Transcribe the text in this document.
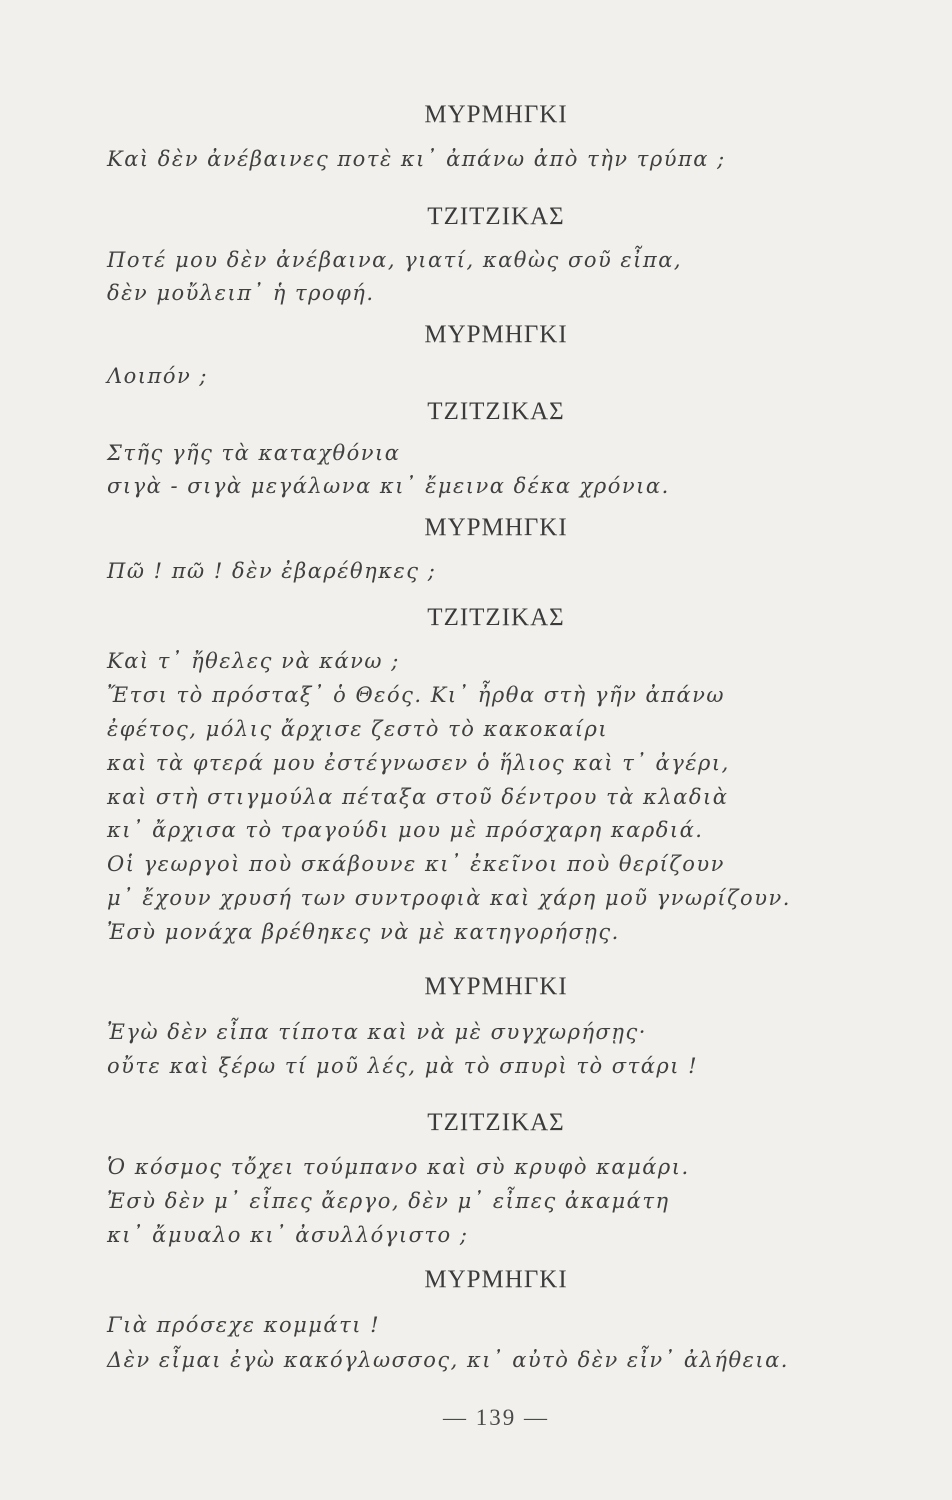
ΜΥΡΜΗΓΚΙ
Καὶ δὲν ἀνέβαινες ποτὲ κι᾿ ἀπάνω ἀπὸ τὴν τρύπα ;
ΤΖΙΤΖΙΚΑΣ
Ποτέ μου δὲν ἀνέβαινα, γιατί, καθὼς σοῦ εἶπα,
δὲν μοὔλειπ᾿ ἡ τροφή.
ΜΥΡΜΗΓΚΙ
Λοιπόν ;
ΤΖΙΤΖΙΚΑΣ
Στῆς γῆς τὰ καταχθόνια
σιγὰ - σιγὰ μεγάλωνα κι᾿ ἔμεινα δέκα χρόνια.
ΜΥΡΜΗΓΚΙ
Πῶ ! πῶ ! δὲν ἐβαρέθηκες ;
ΤΖΙΤΖΙΚΑΣ
Καὶ τ᾿ ἤθελες νὰ κάνω ;
Ἔτσι τὸ πρόσταξ᾿ ὁ Θεός. Κι᾿ ἦρθα στὴ γῆν ἀπάνω
ἐφέτος, μόλις ἄρχισε ζεστὸ τὸ κακοκαίρι
καὶ τὰ φτερά μου ἐστέγνωσεν ὁ ἥλιος καὶ τ᾿ ἀγέρι,
καὶ στὴ στιγμούλα πέταξα στοῦ δέντρου τὰ κλαδιὰ
κι᾿ ἄρχισα τὸ τραγούδι μου μὲ πρόσχαρη καρδιά.
Οἱ γεωργοὶ ποὺ σκάβουνε κι᾿ ἐκεῖνοι ποὺ θερίζουν
μ᾿ ἔχουν χρυσή των συντροφιὰ καὶ χάρη μοῦ γνωρίζουν.
Ἐσὺ μονάχα βρέθηκες νὰ μὲ κατηγορήσῃς.
ΜΥΡΜΗΓΚΙ
Ἐγὼ δὲν εἶπα τίποτα καὶ νὰ μὲ συγχωρήσῃς·
οὔτε καὶ ξέρω τί μοῦ λές, μὰ τὸ σπυρὶ τὸ στάρι !
ΤΖΙΤΖΙΚΑΣ
Ὁ κόσμος τὄχει τούμπανο καὶ σὺ κρυφὸ καμάρι.
Ἐσὺ δὲν μ᾿ εἶπες ἄεργο, δὲν μ᾿ εἶπες ἀκαμάτη
κι᾿ ἄμυαλο κι᾿ ἀσυλλόγιστο ;
ΜΥΡΜΗΓΚΙ
Γιὰ πρόσεχε κομμάτι !
Δὲν εἶμαι ἐγὼ κακόγλωσσος, κι᾿ αὐτὸ δὲν εἶν᾿ ἀλήθεια.
— 139 —
